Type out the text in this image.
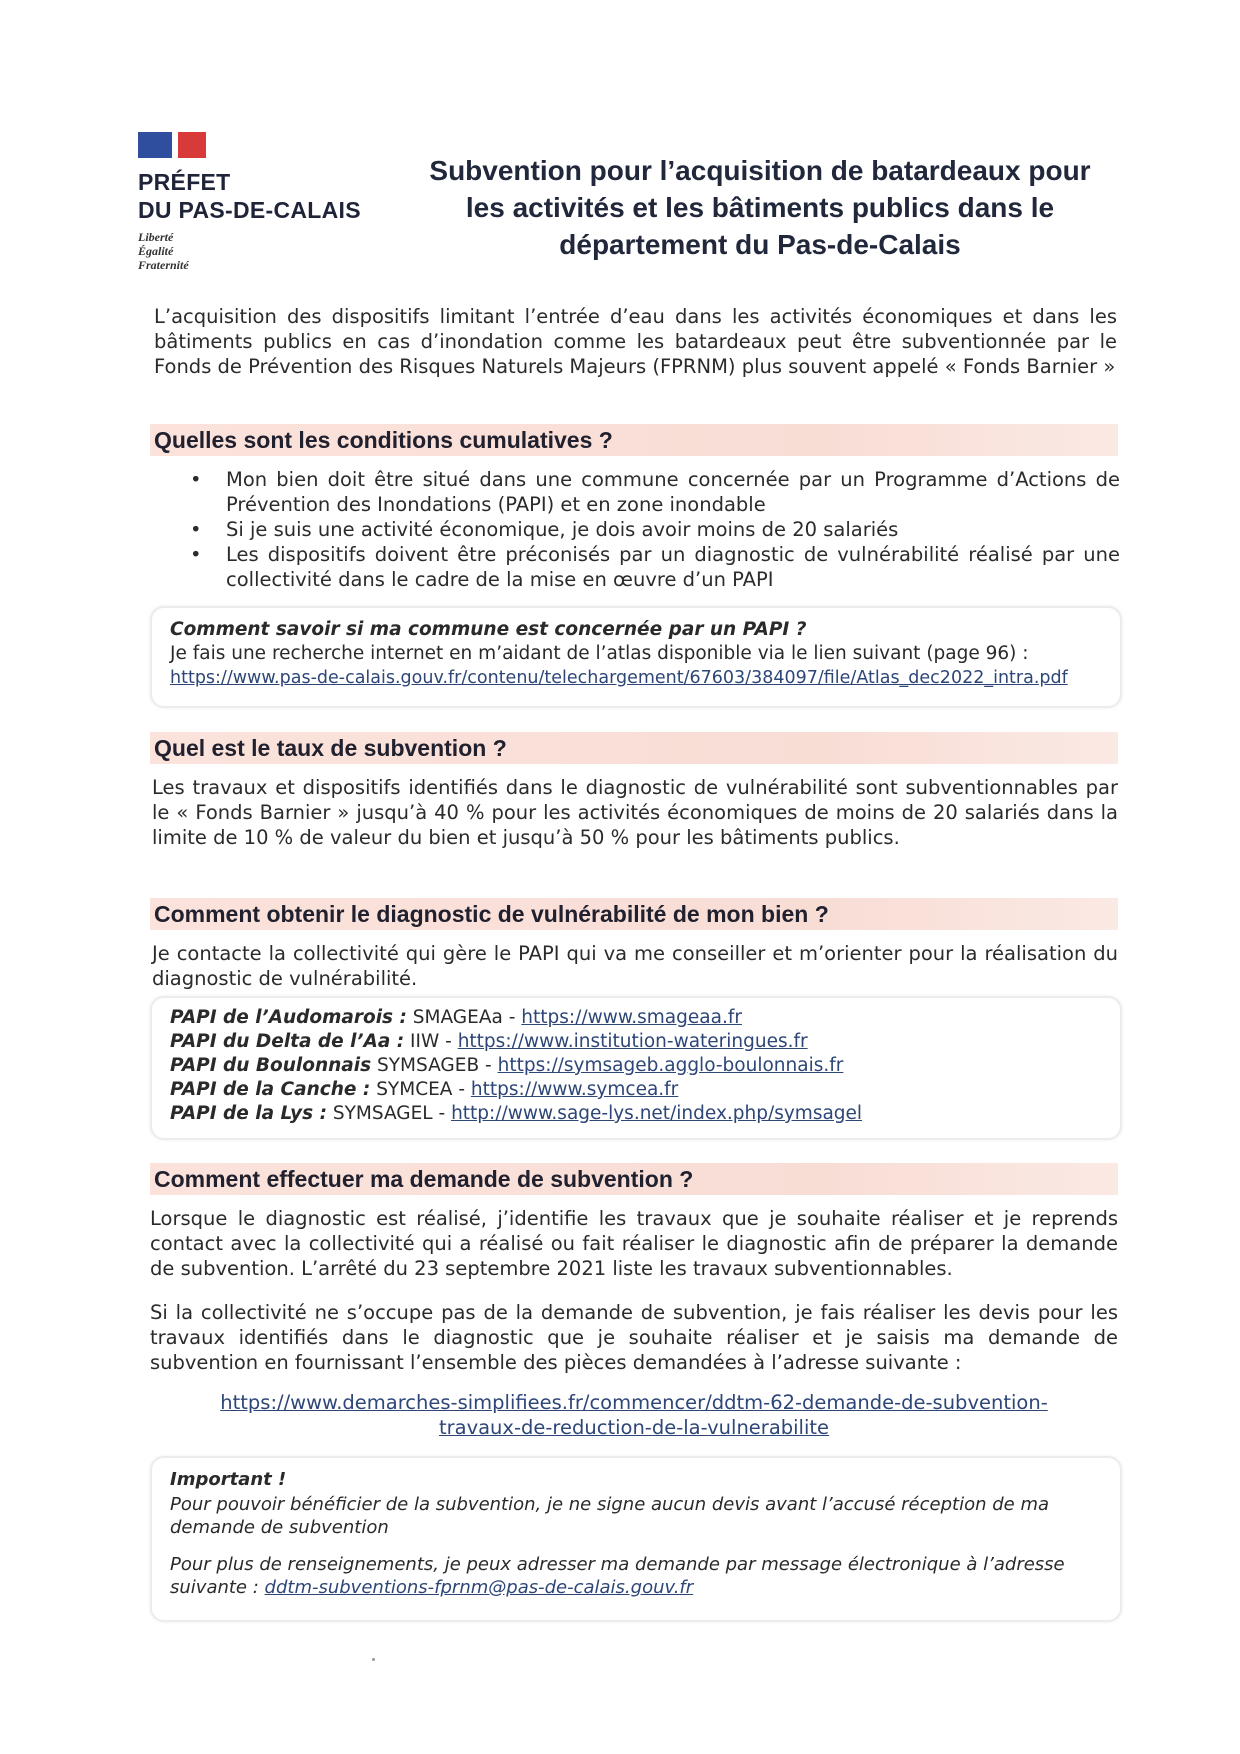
PRÉFET
DU PAS-DE-CALAIS
Liberté
Égalité
Fraternité
Subvention pour l’acquisition de batardeaux pour les activités et les bâtiments publics dans le département du Pas-de-Calais
L’acquisition des dispositifs limitant l’entrée d’eau dans les activités économiques et dans les bâtiments publics en cas d’inondation comme les batardeaux peut être subventionnée par le Fonds de Prévention des Risques Naturels Majeurs (FPRNM) plus souvent appelé « Fonds Barnier »
Quelles sont les conditions cumulatives ?
• Mon bien doit être situé dans une commune concernée par un Programme d’Actions de Prévention des Inondations (PAPI) et en zone inondable
• Si je suis une activité économique, je dois avoir moins de 20 salariés
• Les dispositifs doivent être préconisés par un diagnostic de vulnérabilité réalisé par une collectivité dans le cadre de la mise en œuvre d’un PAPI
Comment savoir si ma commune est concernée par un PAPI ?
Je fais une recherche internet en m’aidant de l’atlas disponible via le lien suivant (page 96) :
https://www.pas-de-calais.gouv.fr/contenu/telechargement/67603/384097/file/Atlas_dec2022_intra.pdf
Quel est le taux de subvention ?
Les travaux et dispositifs identifiés dans le diagnostic de vulnérabilité sont subventionnables par le « Fonds Barnier » jusqu’à 40 % pour les activités économiques de moins de 20 salariés dans la limite de 10 % de valeur du bien et jusqu’à 50 % pour les bâtiments publics.
Comment obtenir le diagnostic de vulnérabilité de mon bien ?
Je contacte la collectivité qui gère le PAPI qui va me conseiller et m’orienter pour la réalisation du diagnostic de vulnérabilité.
PAPI de l’Audomarois : SMAGEAa - https://www.smageaa.fr
PAPI du Delta de l’Aa : IIW - https://www.institution-wateringues.fr
PAPI du Boulonnais SYMSAGEB - https://symsageb.agglo-boulonnais.fr
PAPI de la Canche : SYMCEA - https://www.symcea.fr
PAPI de la Lys : SYMSAGEL - http://www.sage-lys.net/index.php/symsagel
Comment effectuer ma demande de subvention ?
Lorsque le diagnostic est réalisé, j’identifie les travaux que je souhaite réaliser et je reprends contact avec la collectivité qui a réalisé ou fait réaliser le diagnostic afin de préparer la demande de subvention. L’arrêté du 23 septembre 2021 liste les travaux subventionnables.
Si la collectivité ne s’occupe pas de la demande de subvention, je fais réaliser les devis pour les travaux identifiés dans le diagnostic que je souhaite réaliser et je saisis ma demande de subvention en fournissant l’ensemble des pièces demandées à l’adresse suivante :
https://www.demarches-simplifiees.fr/commencer/ddtm-62-demande-de-subvention-
travaux-de-reduction-de-la-vulnerabilite
Important !
Pour pouvoir bénéficier de la subvention, je ne signe aucun devis avant l’accusé réception de ma demande de subvention
Pour plus de renseignements, je peux adresser ma demande par message électronique à l’adresse suivante : ddtm-subventions-fprnm@pas-de-calais.gouv.fr
